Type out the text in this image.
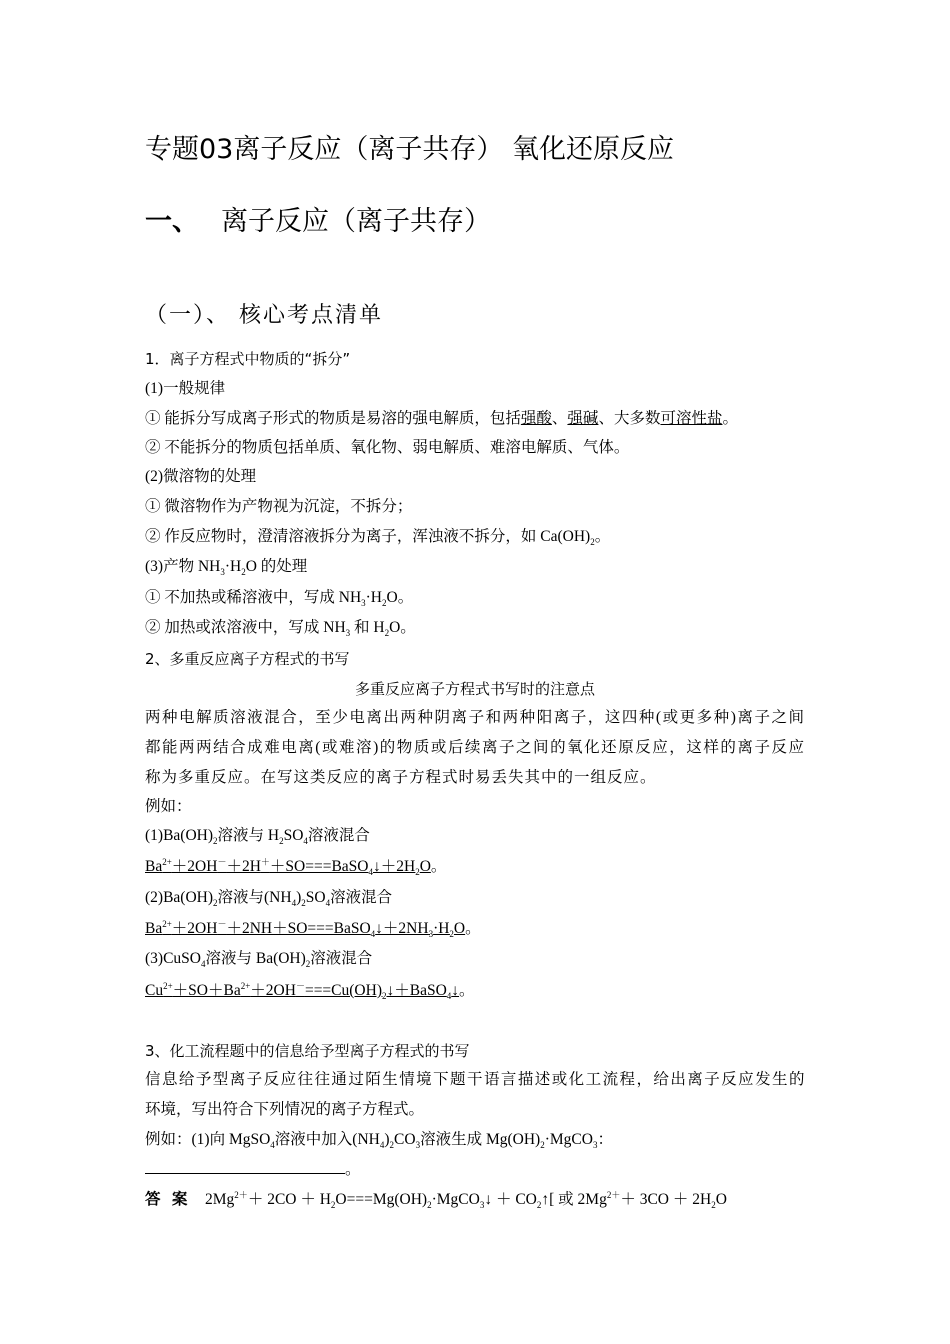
专题03离子反应（离子共存） 氧化还原反应
一、 离子反应（离子共存）
（一）、 核心考点清单
1．离子方程式中物质的“拆分”
(1)一般规律
① 能拆分写成离子形式的物质是易溶的强电解质，包括强酸、强碱、大多数可溶性盐。
② 不能拆分的物质包括单质、氧化物、弱电解质、难溶电解质、气体。
(2)微溶物的处理
① 微溶物作为产物视为沉淀，不拆分；
② 作反应物时，澄清溶液拆分为离子，浑浊液不拆分，如 $Ca(OH)_2$。
(3)产物 $NH_3\cdot H_2O$ 的处理
① 不加热或稀溶液中，写成 $NH_3\cdot H_2O$。
② 加热或浓溶液中，写成 $NH_3$ 和 $H_2O$。
2、多重反应离子方程式的书写
多重反应离子方程式书写时的注意点
两种电解质溶液混合，至少电离出两种阴离子和两种阳离子，这四种(或更多种)离子之间
都能两两结合成难电离(或难溶)的物质或后续离子之间的氧化还原反应，这样的离子反应
称为多重反应。在写这类反应的离子方程式时易丢失其中的一组反应。
例如：
$(1)Ba(OH)_2$溶液与 $H_2SO_4$溶液混合
$Ba^{2+}+2OH^-+2H^++SO===BaSO_4↓+2H_2O$。
$(2)Ba(OH)_2$溶液与$(NH_4)_2SO_4$溶液混合
$Ba^{2+}+2OH^-+2NH+SO===BaSO_4↓+2NH_3\cdot H_2O$。
(3)CuSO$_4$溶液与 $Ba(OH)_2$溶液混合
$Cu^{2+}+SO+Ba^{2+}+2OH^-===Cu(OH)_2↓+BaSO_4↓$。
3、化工流程题中的信息给予型离子方程式的书写
信息给予型离子反应往往通过陌生情境下题干语言描述或化工流程，给出离子反应发生的
环境，写出符合下列情况的离子方程式。
例如：(1)向 MgSO$_4$溶液中加入$(NH_4)_2CO_3$溶液生成 $Mg(OH)_2\cdot MgCO_3$：
。
答 案 $2Mg^{2+}+ 2CO$ ＋ $H_2O===Mg(OH)_2\cdot MgCO_3↓$ ＋ $CO_2↑$[ 或 $2Mg^{2+}+ 3CO + 2H_2O$
